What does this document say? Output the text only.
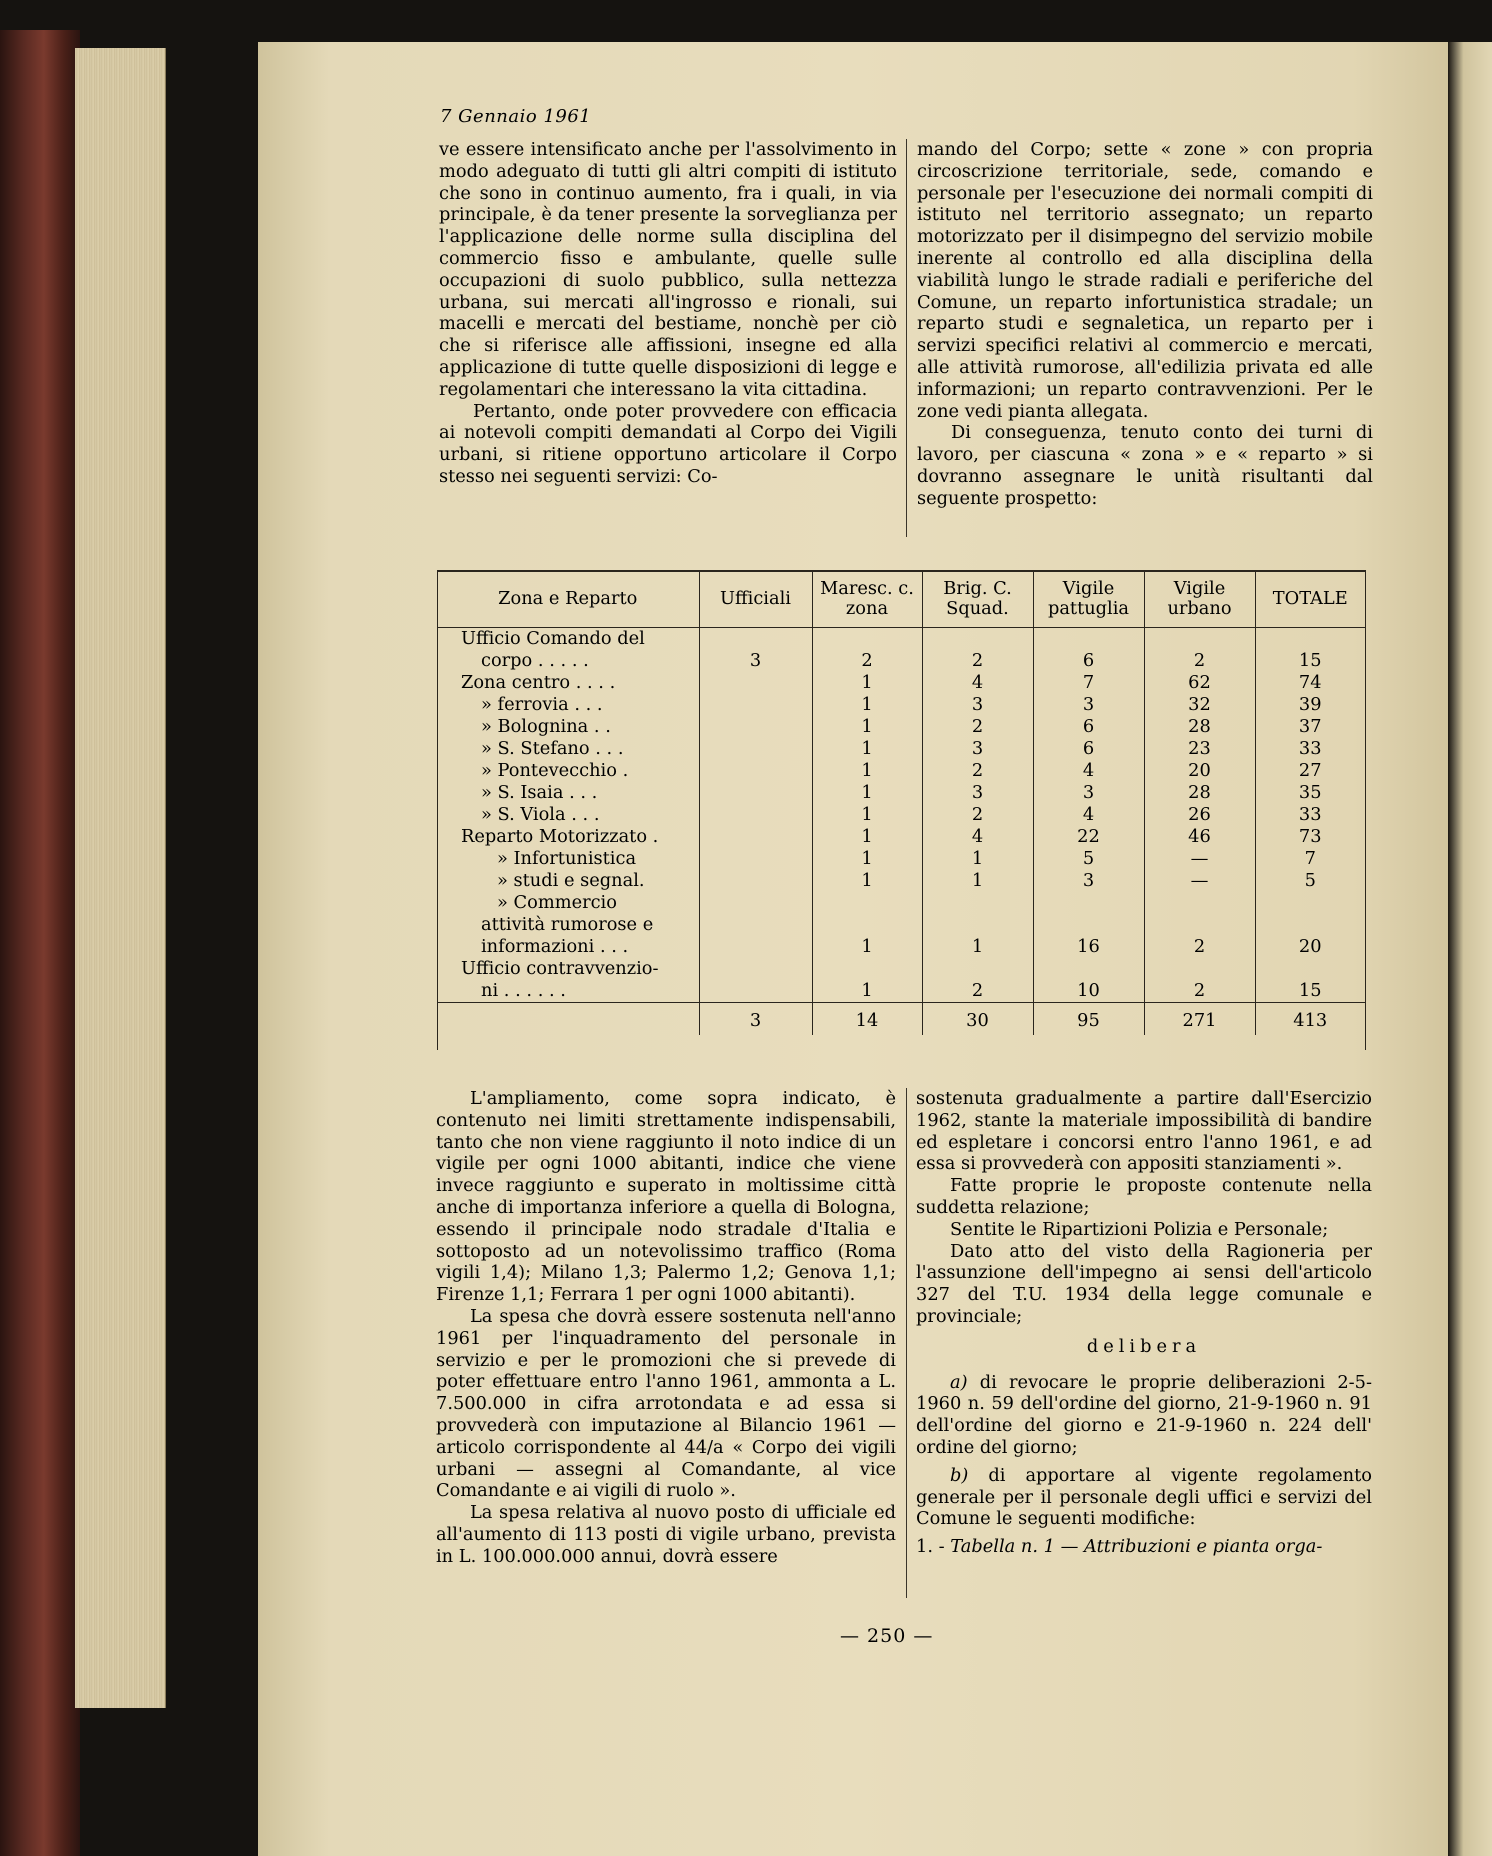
7 Gennaio 1961

ve essere intensificato anche per l'assolvimento in modo adeguato di tutti gli altri compiti di istituto che sono in continuo aumento, fra i quali, in via principale, è da tener presente la sorveglianza per l'applicazione delle norme sulla disciplina del commercio fisso e ambulante, quelle sulle occupazioni di suolo pubblico, sulla nettezza urbana, sui mercati all'ingrosso e rionali, sui macelli e mercati del bestiame, nonchè per ciò che si riferisce alle affissioni, insegne ed alla applicazione di tutte quelle disposizioni di legge e regolamentari che interessano la vita cittadina.

Pertanto, onde poter provvedere con efficacia ai notevoli compiti demandati al Corpo dei Vigili urbani, si ritiene opportuno articolare il Corpo stesso nei seguenti servizi: Co-

mando del Corpo; sette « zone » con propria circoscrizione territoriale, sede, comando e personale per l'esecuzione dei normali compiti di istituto nel territorio assegnato; un reparto motorizzato per il disimpegno del servizio mobile inerente al controllo ed alla disciplina della viabilità lungo le strade radiali e periferiche del Comune, un reparto infortunistica stradale; un reparto studi e segnaletica, un reparto per i servizi specifici relativi al commercio e mercati, alle attività rumorose, all'edilizia privata ed alle informazioni; un reparto contravvenzioni. Per le zone vedi pianta allegata.

Di conseguenza, tenuto conto dei turni di lavoro, per ciascuna « zona » e « reparto » si dovranno assegnare le unità risultanti dal seguente prospetto:

Zona e Reparto	Ufficiali	Maresc. c. zona	Brig. C. Squad.	Vigile pattuglia	Vigile urbano	TOTALE
Ufficio Comando del						
corpo . . . . .	3	2	2	6	2	15
Zona centro . . . .		1	4	7	62	74
» ferrovia . . .		1	3	3	32	39
» Bolognina . .		1	2	6	28	37
» S. Stefano . . .		1	3	6	23	33
» Pontevecchio .		1	2	4	20	27
» S. Isaia . . .		1	3	3	28	35
» S. Viola . . .		1	2	4	26	33
Reparto Motorizzato .		1	4	22	46	73
» Infortunistica		1	1	5	—	7
» studi e segnal.		1	1	3	—	5
» Commercio						
attività rumorose e						
informazioni . . .		1	1	16	2	20
Ufficio contravvenzio-						
ni . . . . . .		1	2	10	2	15
	3	14	30	95	271	413

L'ampliamento, come sopra indicato, è contenuto nei limiti strettamente indispensabili, tanto che non viene raggiunto il noto indice di un vigile per ogni 1000 abitanti, indice che viene invece raggiunto e superato in moltissime città anche di importanza inferiore a quella di Bologna, essendo il principale nodo stradale d'Italia e sottoposto ad un notevolissimo traffico (Roma vigili 1,4); Milano 1,3; Palermo 1,2; Genova 1,1; Firenze 1,1; Ferrara 1 per ogni 1000 abitanti).

La spesa che dovrà essere sostenuta nell'anno 1961 per l'inquadramento del personale in servizio e per le promozioni che si prevede di poter effettuare entro l'anno 1961, ammonta a L. 7.500.000 in cifra arrotondata e ad essa si provvederà con imputazione al Bilancio 1961 — articolo corrispondente al 44/a « Corpo dei vigili urbani — assegni al Comandante, al vice Comandante e ai vigili di ruolo ».

La spesa relativa al nuovo posto di ufficiale ed all'aumento di 113 posti di vigile urbano, prevista in L. 100.000.000 annui, dovrà essere

sostenuta gradualmente a partire dall'Esercizio 1962, stante la materiale impossibilità di bandire ed espletare i concorsi entro l'anno 1961, e ad essa si provvederà con appositi stanziamenti ».

Fatte proprie le proposte contenute nella suddetta relazione;

Sentite le Ripartizioni Polizia e Personale;

Dato atto del visto della Ragioneria per l'assunzione dell'impegno ai sensi dell'articolo 327 del T.U. 1934 della legge comunale e provinciale;

delibera

a) di revocare le proprie deliberazioni 2-5-1960 n. 59 dell'ordine del giorno, 21-9-1960 n. 91 dell'ordine del giorno e 21-9-1960 n. 224 dell' ordine del giorno;

b) di apportare al vigente regolamento generale per il personale degli uffici e servizi del Comune le seguenti modifiche:

1. - Tabella n. 1 — Attribuzioni e pianta orga-

— 250 —
